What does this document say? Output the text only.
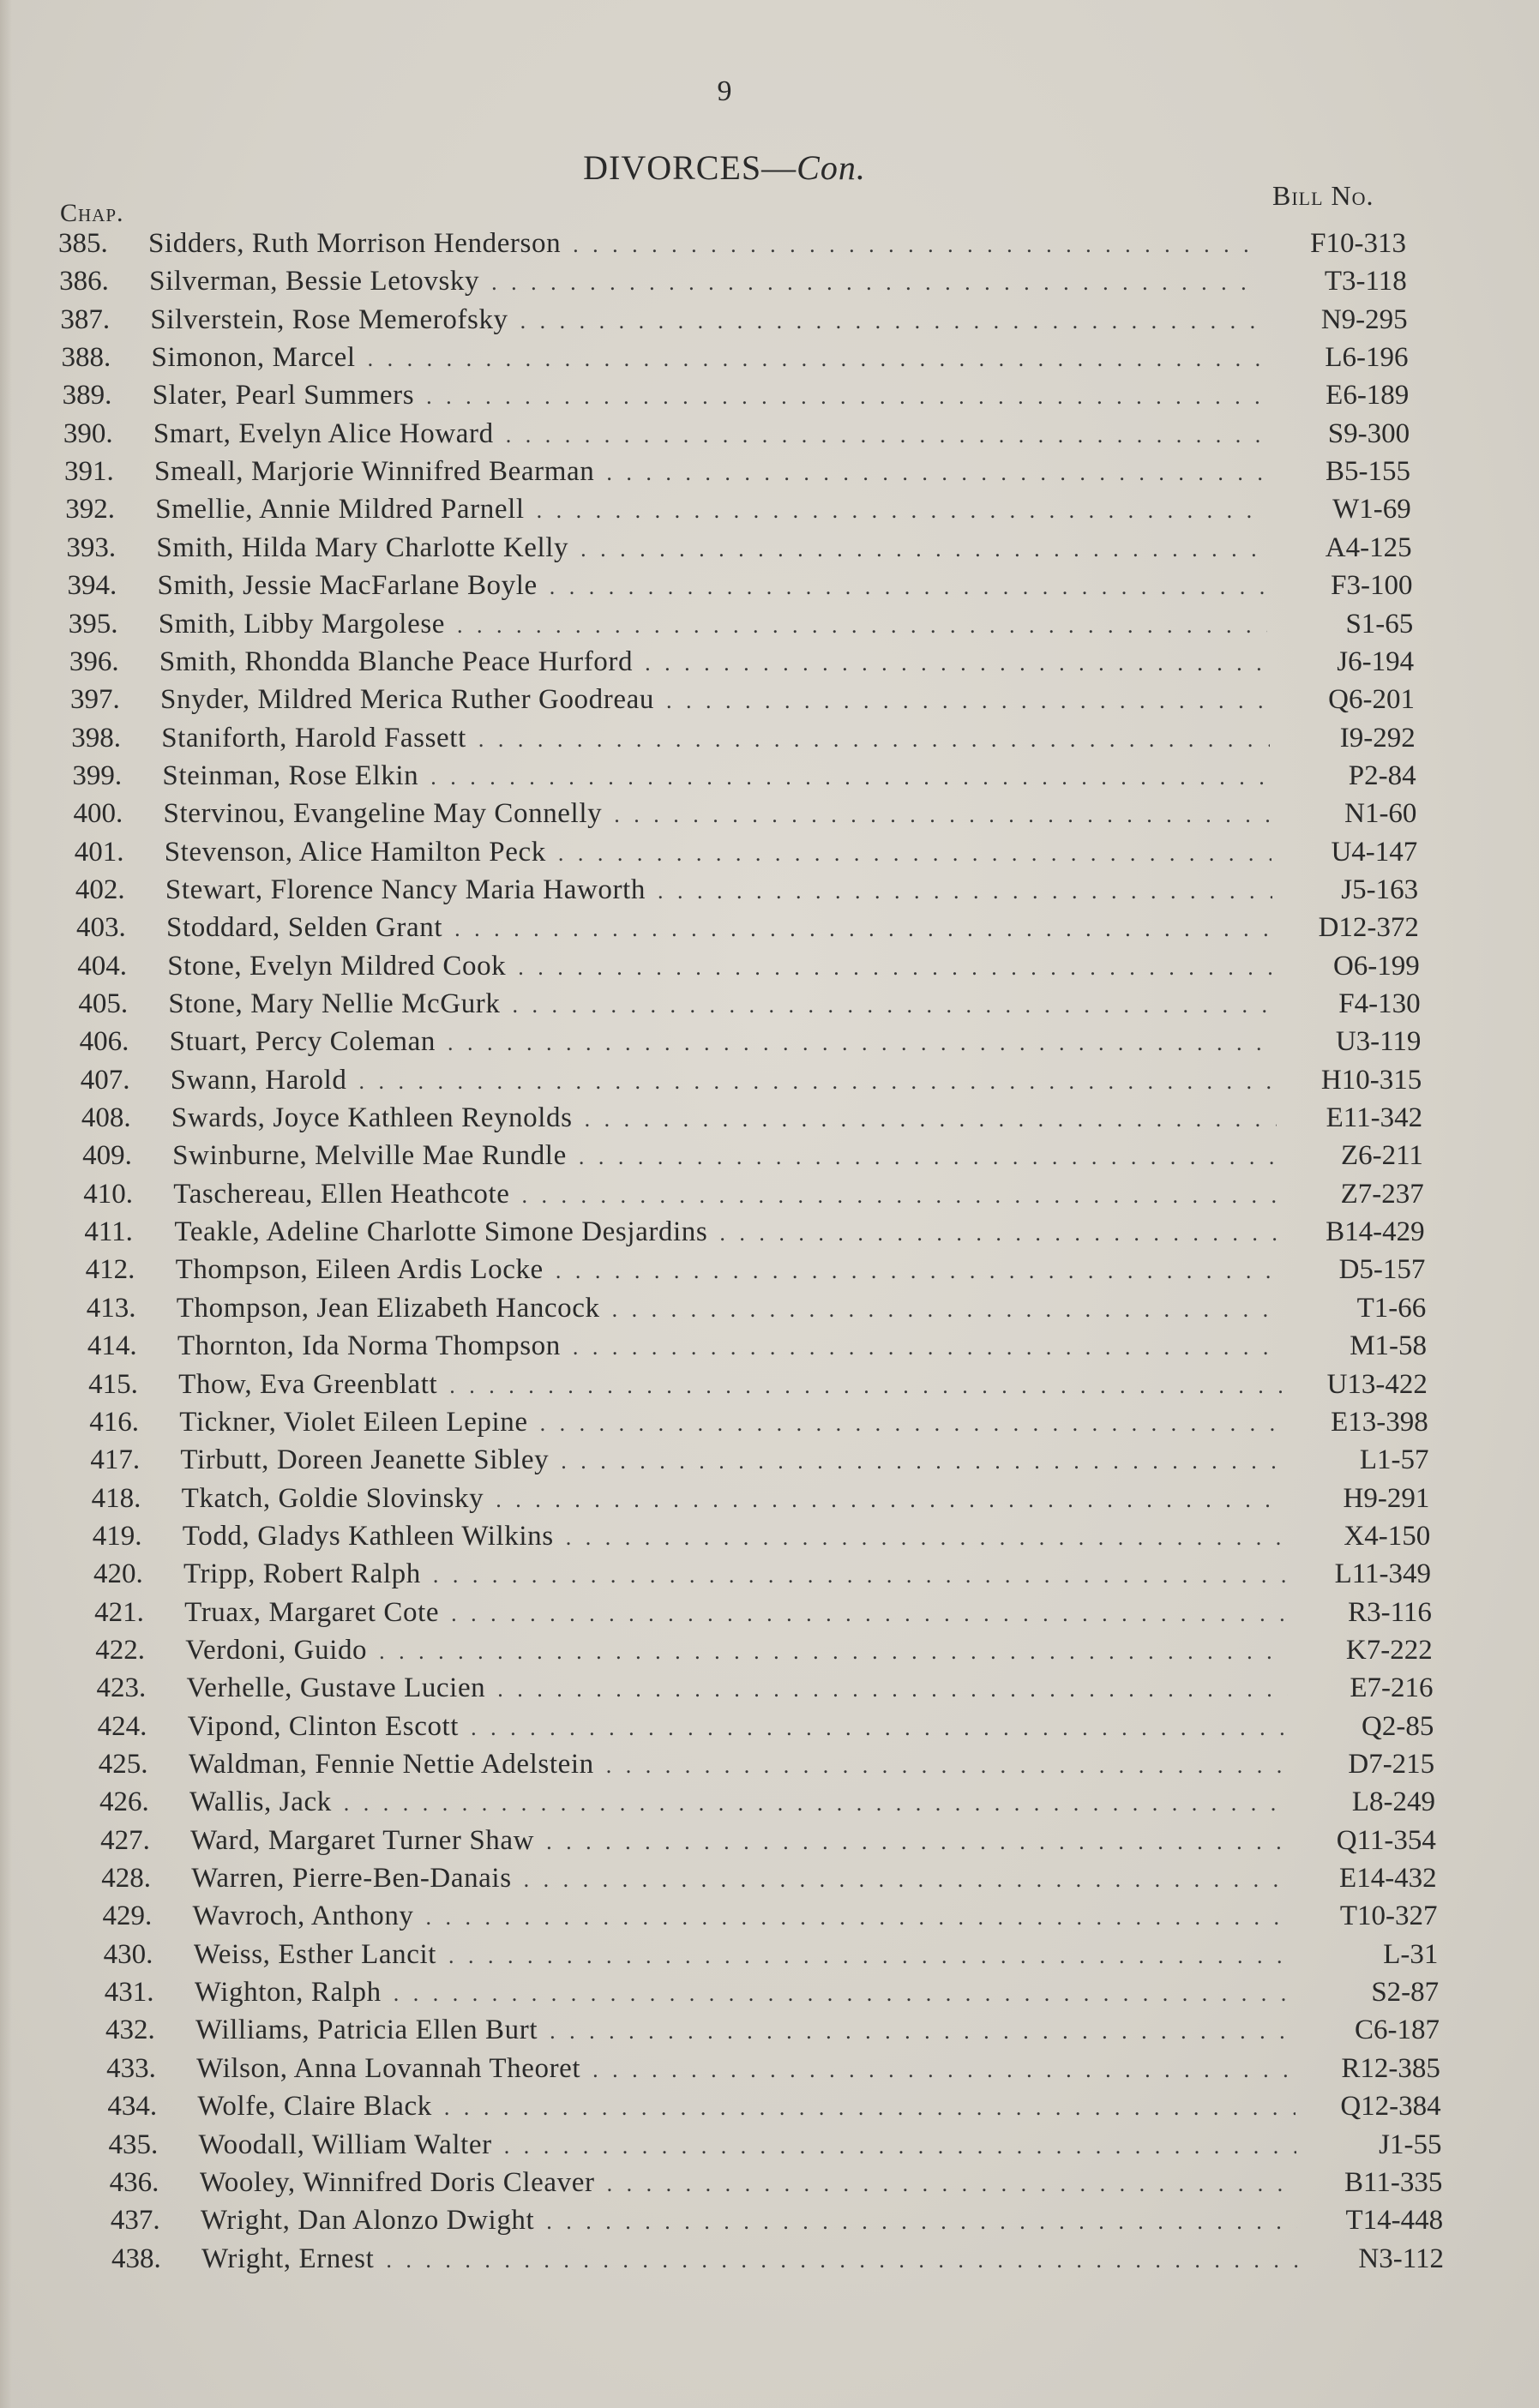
9
DIVORCES—Con.
Chap.
Bill No.
385.	Sidders, Ruth Morrison Henderson . . .	F10-313
386.	Silverman, Bessie Letovsky . . .	T3-118
387.	Silverstein, Rose Memerofsky . . .	N9-295
388.	Simonon, Marcel . . .	L6-196
389.	Slater, Pearl Summers . . .	E6-189
390.	Smart, Evelyn Alice Howard . . .	S9-300
391.	Smeall, Marjorie Winnifred Bearman . . .	B5-155
392.	Smellie, Annie Mildred Parnell . . .	W1-69
393.	Smith, Hilda Mary Charlotte Kelly . . .	A4-125
394.	Smith, Jessie MacFarlane Boyle . . .	F3-100
395.	Smith, Libby Margolese . . .	S1-65
396.	Smith, Rhondda Blanche Peace Hurford . . .	J6-194
397.	Snyder, Mildred Merica Ruther Goodreau . . .	Q6-201
398.	Staniforth, Harold Fassett . . .	I9-292
399.	Steinman, Rose Elkin . . .	P2-84
400.	Stervinou, Evangeline May Connelly . . .	N1-60
401.	Stevenson, Alice Hamilton Peck . . .	U4-147
402.	Stewart, Florence Nancy Maria Haworth . . .	J5-163
403.	Stoddard, Selden Grant . . .	D12-372
404.	Stone, Evelyn Mildred Cook . . .	O6-199
405.	Stone, Mary Nellie McGurk . . .	F4-130
406.	Stuart, Percy Coleman . . .	U3-119
407.	Swann, Harold . . .	H10-315
408.	Swards, Joyce Kathleen Reynolds . . .	E11-342
409.	Swinburne, Melville Mae Rundle . . .	Z6-211
410.	Taschereau, Ellen Heathcote . . .	Z7-237
411.	Teakle, Adeline Charlotte Simone Desjardins . . .	B14-429
412.	Thompson, Eileen Ardis Locke . . .	D5-157
413.	Thompson, Jean Elizabeth Hancock . . .	T1-66
414.	Thornton, Ida Norma Thompson . . .	M1-58
415.	Thow, Eva Greenblatt . . .	U13-422
416.	Tickner, Violet Eileen Lepine . . .	E13-398
417.	Tirbutt, Doreen Jeanette Sibley . . .	L1-57
418.	Tkatch, Goldie Slovinsky . . .	H9-291
419.	Todd, Gladys Kathleen Wilkins . . .	X4-150
420.	Tripp, Robert Ralph . . .	L11-349
421.	Truax, Margaret Cote . . .	R3-116
422.	Verdoni, Guido . . .	K7-222
423.	Verhelle, Gustave Lucien . . .	E7-216
424.	Vipond, Clinton Escott . . .	Q2-85
425.	Waldman, Fennie Nettie Adelstein . . .	D7-215
426.	Wallis, Jack . . .	L8-249
427.	Ward, Margaret Turner Shaw . . .	Q11-354
428.	Warren, Pierre-Ben-Danais . . .	E14-432
429.	Wavroch, Anthony . . .	T10-327
430.	Weiss, Esther Lancit . . .	L-31
431.	Wighton, Ralph . . .	S2-87
432.	Williams, Patricia Ellen Burt . . .	C6-187
433.	Wilson, Anna Lovannah Theoret . . .	R12-385
434.	Wolfe, Claire Black . . .	Q12-384
435.	Woodall, William Walter . . .	J1-55
436.	Wooley, Winnifred Doris Cleaver . . .	B11-335
437.	Wright, Dan Alonzo Dwight . . .	T14-448
438.	Wright, Ernest . . .	N3-112
